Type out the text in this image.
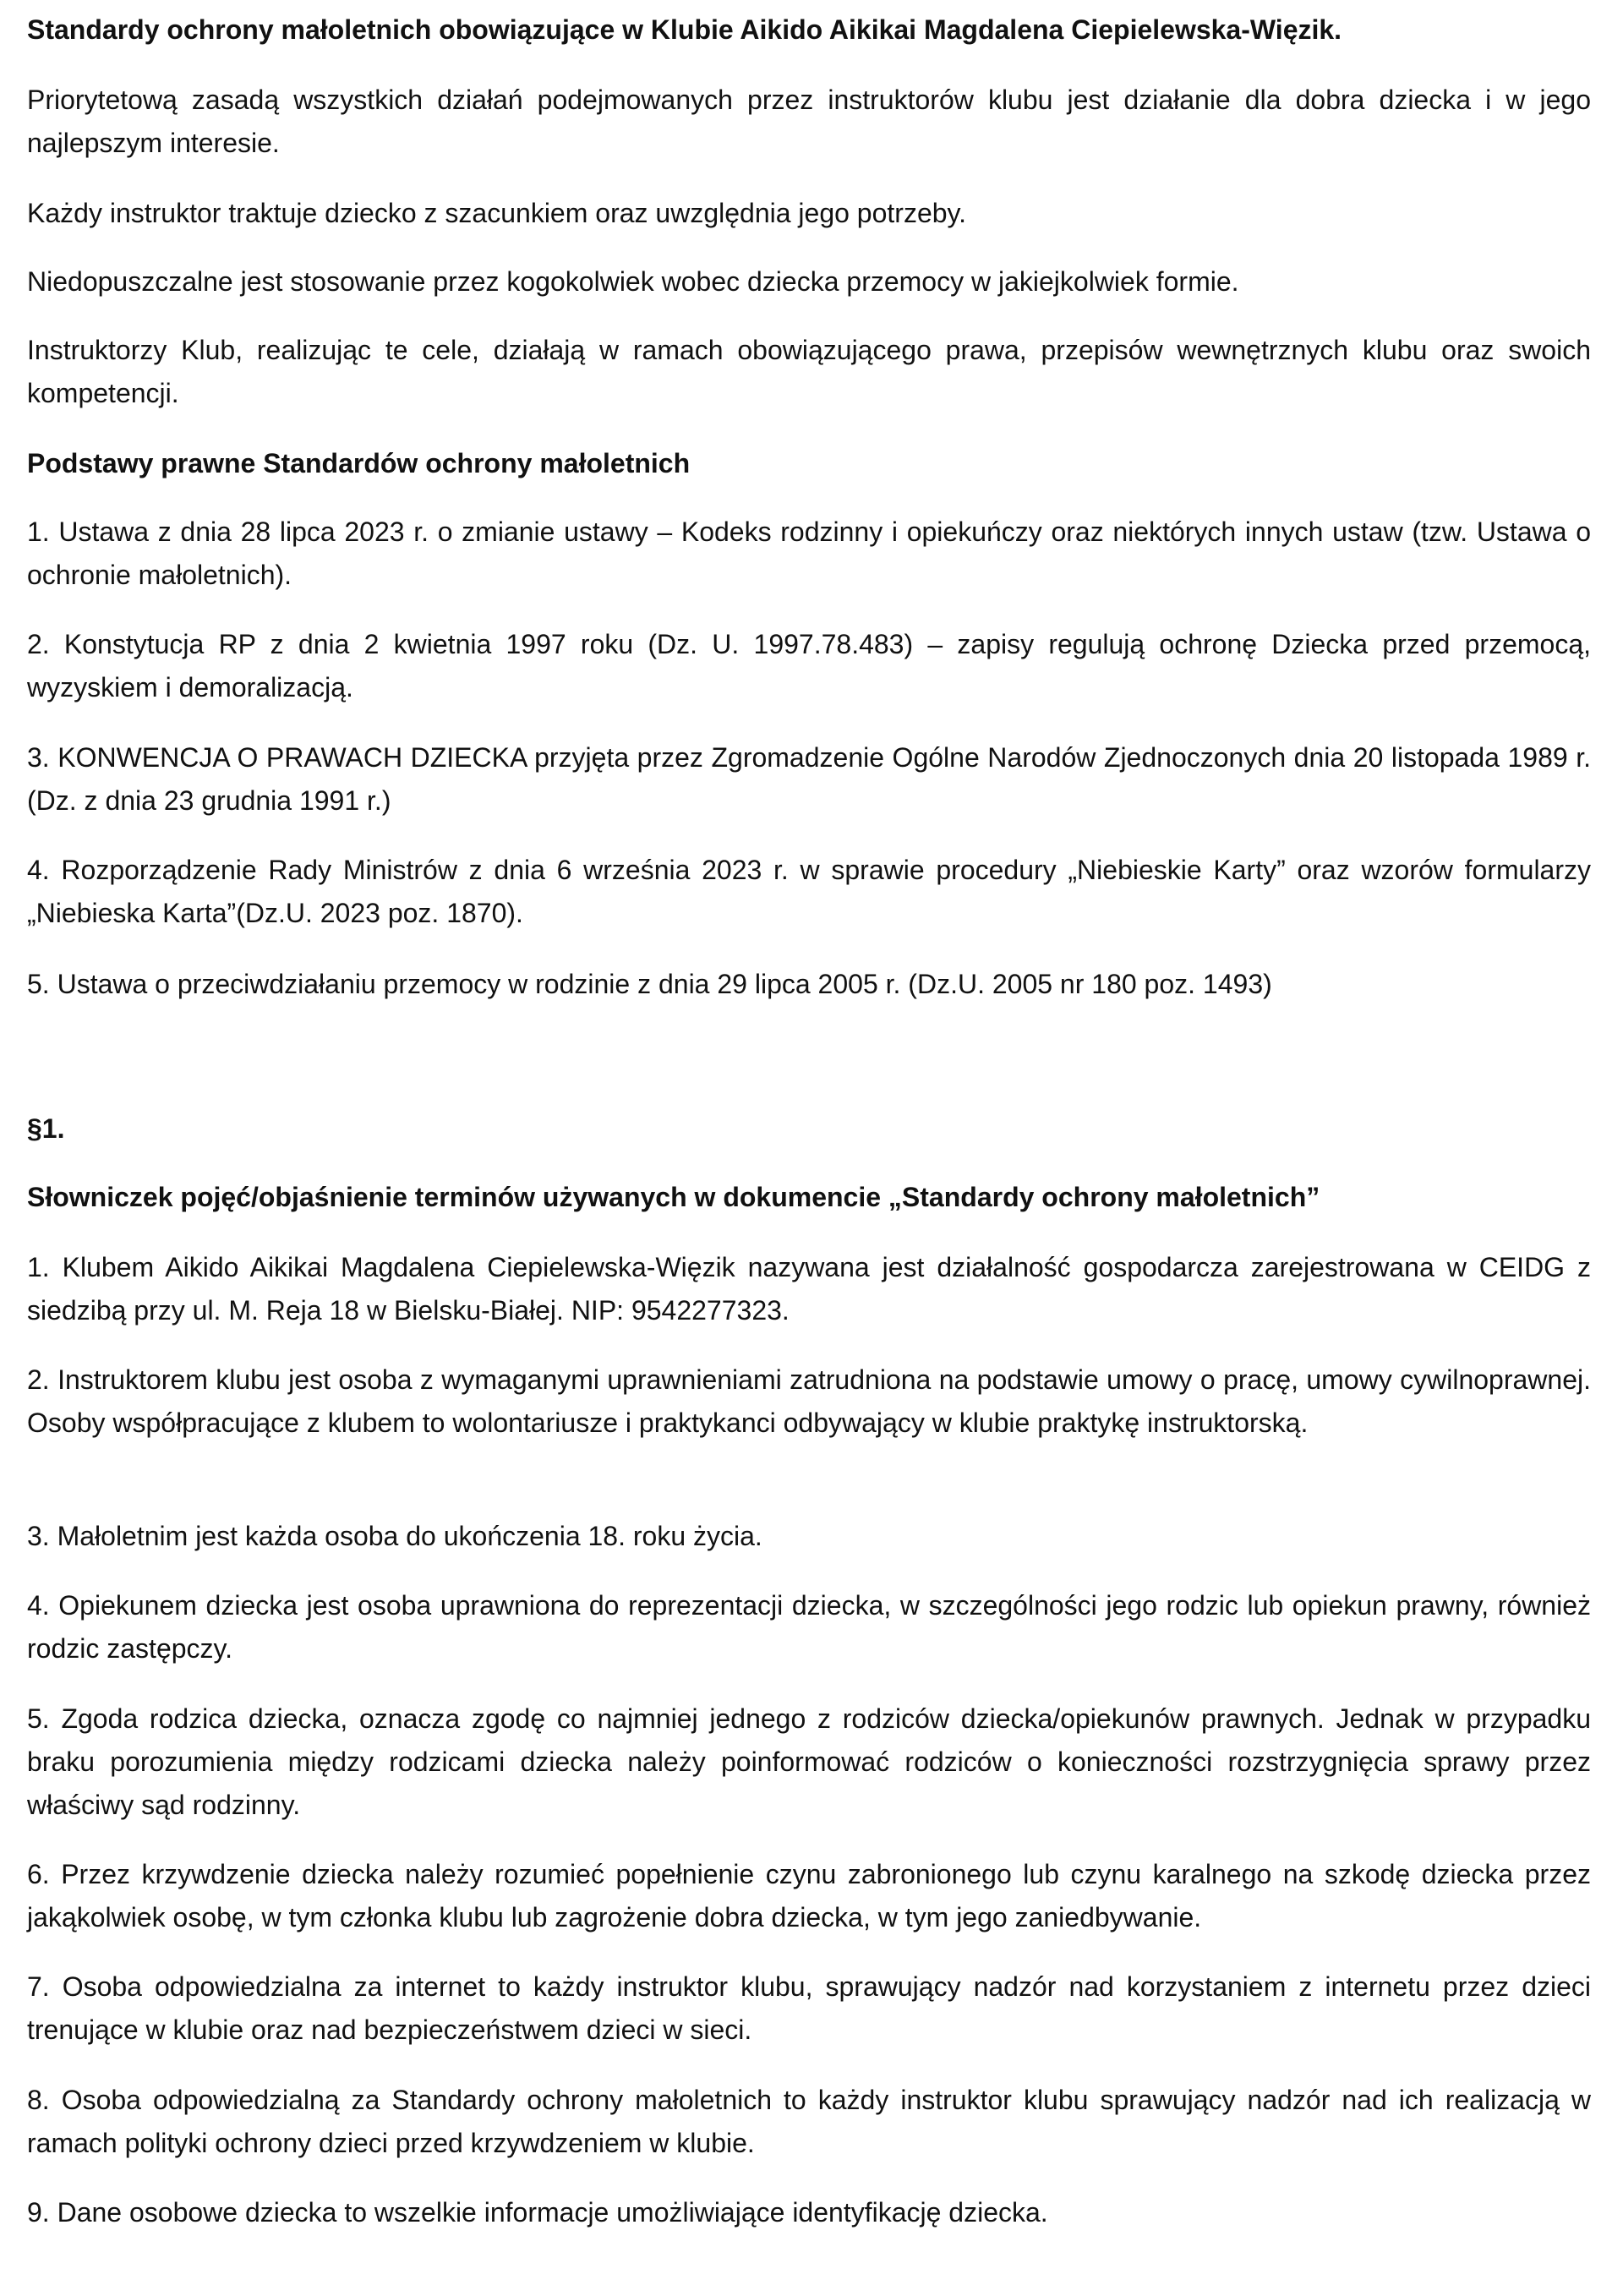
Standardy ochrony małoletnich obowiązujące w Klubie Aikido Aikikai Magdalena Ciepielewska-Więzik.

Priorytetową zasadą wszystkich działań podejmowanych przez instruktorów klubu jest działanie dla dobra dziecka i w jego najlepszym interesie.

Każdy instruktor traktuje dziecko z szacunkiem oraz uwzględnia jego potrzeby.

Niedopuszczalne jest stosowanie przez kogokolwiek wobec dziecka przemocy w jakiejkolwiek formie.

Instruktorzy Klub, realizując te cele, działają w ramach obowiązującego prawa, przepisów wewnętrznych klubu oraz swoich kompetencji.

Podstawy prawne Standardów ochrony małoletnich

1. Ustawa z dnia 28 lipca 2023 r. o zmianie ustawy – Kodeks rodzinny i opiekuńczy oraz niektórych innych ustaw (tzw. Ustawa o ochronie małoletnich).

2. Konstytucja RP z dnia 2 kwietnia 1997 roku (Dz. U. 1997.78.483) – zapisy regulują ochronę Dziecka przed przemocą, wyzyskiem i demoralizacją.

3. KONWENCJA O PRAWACH DZIECKA przyjęta przez Zgromadzenie Ogólne Narodów Zjednoczonych dnia 20 listopada 1989 r. (Dz. z dnia 23 grudnia 1991 r.)

4. Rozporządzenie Rady Ministrów z dnia 6 września 2023 r. w sprawie procedury „Niebieskie Karty” oraz wzorów formularzy „Niebieska Karta”(Dz.U. 2023 poz. 1870).

5. Ustawa o przeciwdziałaniu przemocy w rodzinie z dnia 29 lipca 2005 r. (Dz.U. 2005 nr 180 poz. 1493)

§1.

Słowniczek pojęć/objaśnienie terminów używanych w dokumencie „Standardy ochrony małoletnich”

1. Klubem Aikido Aikikai Magdalena Ciepielewska-Więzik nazywana jest działalność gospodarcza zarejestrowana w CEIDG z siedzibą przy ul. M. Reja 18 w Bielsku-Białej. NIP: 9542277323.

2. Instruktorem klubu jest osoba z wymaganymi uprawnieniami zatrudniona na podstawie umowy o pracę, umowy cywilnoprawnej. Osoby współpracujące z klubem to wolontariusze i praktykanci odbywający w klubie praktykę instruktorską.

3. Małoletnim jest każda osoba do ukończenia 18. roku życia.

4. Opiekunem dziecka jest osoba uprawniona do reprezentacji dziecka, w szczególności jego rodzic lub opiekun prawny, również rodzic zastępczy.

5. Zgoda rodzica dziecka, oznacza zgodę co najmniej jednego z rodziców dziecka/opiekunów prawnych. Jednak w przypadku braku porozumienia między rodzicami dziecka należy poinformować rodziców o konieczności rozstrzygnięcia sprawy przez właściwy sąd rodzinny.

6. Przez krzywdzenie dziecka należy rozumieć popełnienie czynu zabronionego lub czynu karalnego na szkodę dziecka przez jakąkolwiek osobę, w tym członka klubu lub zagrożenie dobra dziecka, w tym jego zaniedbywanie.

7. Osoba odpowiedzialna za internet to każdy instruktor klubu, sprawujący nadzór nad korzystaniem z internetu przez dzieci trenujące w klubie oraz nad bezpieczeństwem dzieci w sieci.

8. Osoba odpowiedzialną za Standardy ochrony małoletnich to każdy instruktor klubu sprawujący nadzór nad ich realizacją w ramach polityki ochrony dzieci przed krzywdzeniem w klubie.

9. Dane osobowe dziecka to wszelkie informacje umożliwiające identyfikację dziecka.
